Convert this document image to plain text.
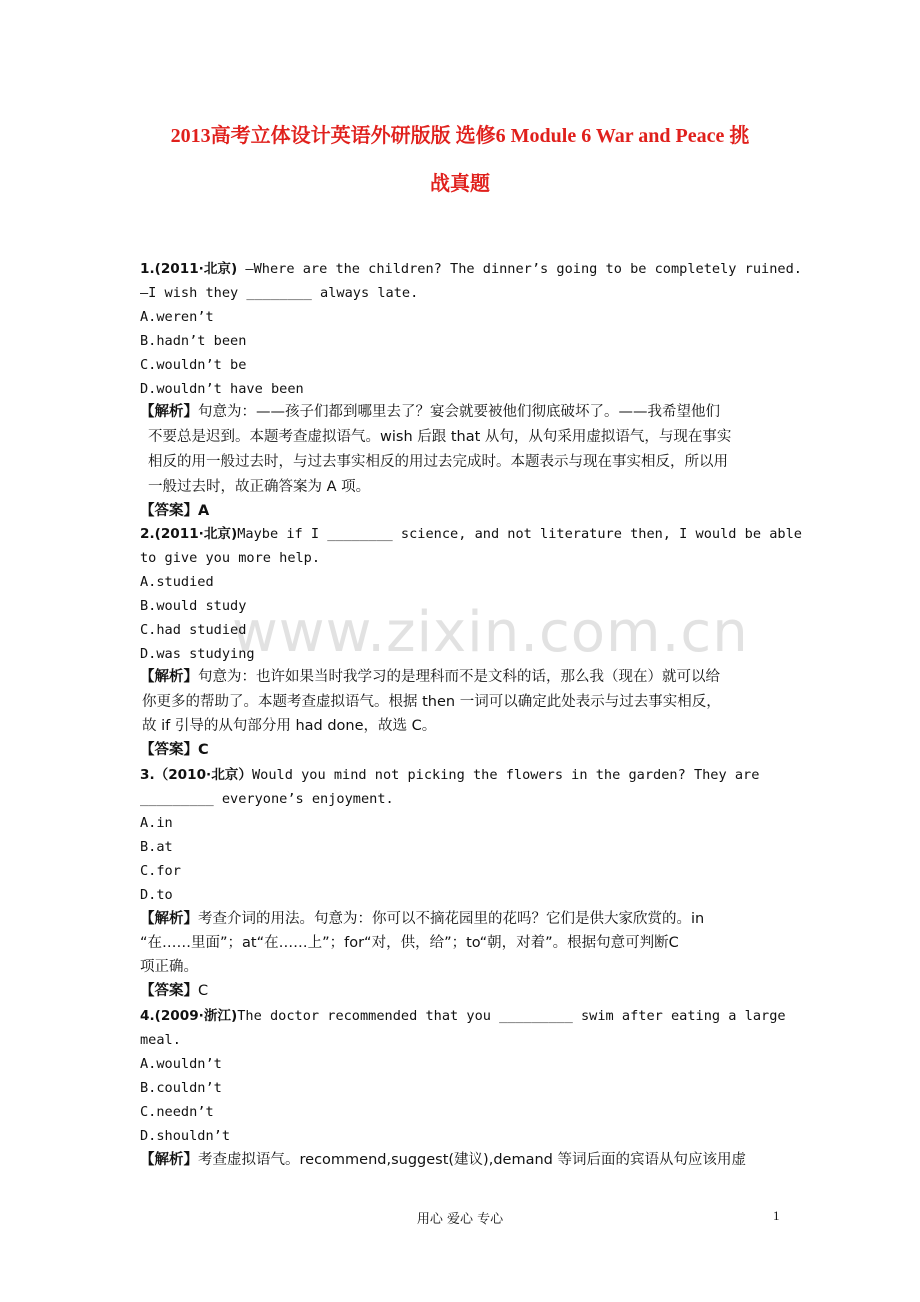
2013高考立体设计英语外研版版 选修6 Module 6 War and Peace 挑
战真题
www.zixin.com.cn
1.(2011·北京) —Where are the children? The dinner’s going to be completely ruined.
—I wish they ________ always late.
A.weren’t
B.hadn’t been
C.wouldn’t be
D.wouldn’t have been
【解析】句意为：——孩子们都到哪里去了？宴会就要被他们彻底破坏了。——我希望他们
不要总是迟到。本题考查虚拟语气。wish 后跟 that 从句，从句采用虚拟语气，与现在事实
相反的用一般过去时，与过去事实相反的用过去完成时。本题表示与现在事实相反，所以用
一般过去时，故正确答案为 A 项。
【答案】A
2.(2011·北京)Maybe if I ________ science, and not literature then, I would be able
to give you more help.
A.studied
B.would study
C.had studied
D.was studying
【解析】句意为：也许如果当时我学习的是理科而不是文科的话，那么我（现在）就可以给
你更多的帮助了。本题考查虚拟语气。根据 then 一词可以确定此处表示与过去事实相反，
故 if 引导的从句部分用 had done，故选 C。
【答案】C
3.（2010·北京）Would you mind not picking the flowers in the garden? They are
_________ everyone’s enjoyment.
A.in
B.at
C.for
D.to
【解析】考查介词的用法。句意为：你可以不摘花园里的花吗？它们是供大家欣赏的。in
“在……里面”；at“在……上”；for“对，供，给”；to“朝，对着”。根据句意可判断C
项正确。
【答案】C
4.(2009·浙江)The doctor recommended that you _________ swim after eating a large
meal.
A.wouldn’t
B.couldn’t
C.needn’t
D.shouldn’t
【解析】考查虚拟语气。recommend,suggest(建议),demand 等词后面的宾语从句应该用虚
用心 爱心 专心	1
